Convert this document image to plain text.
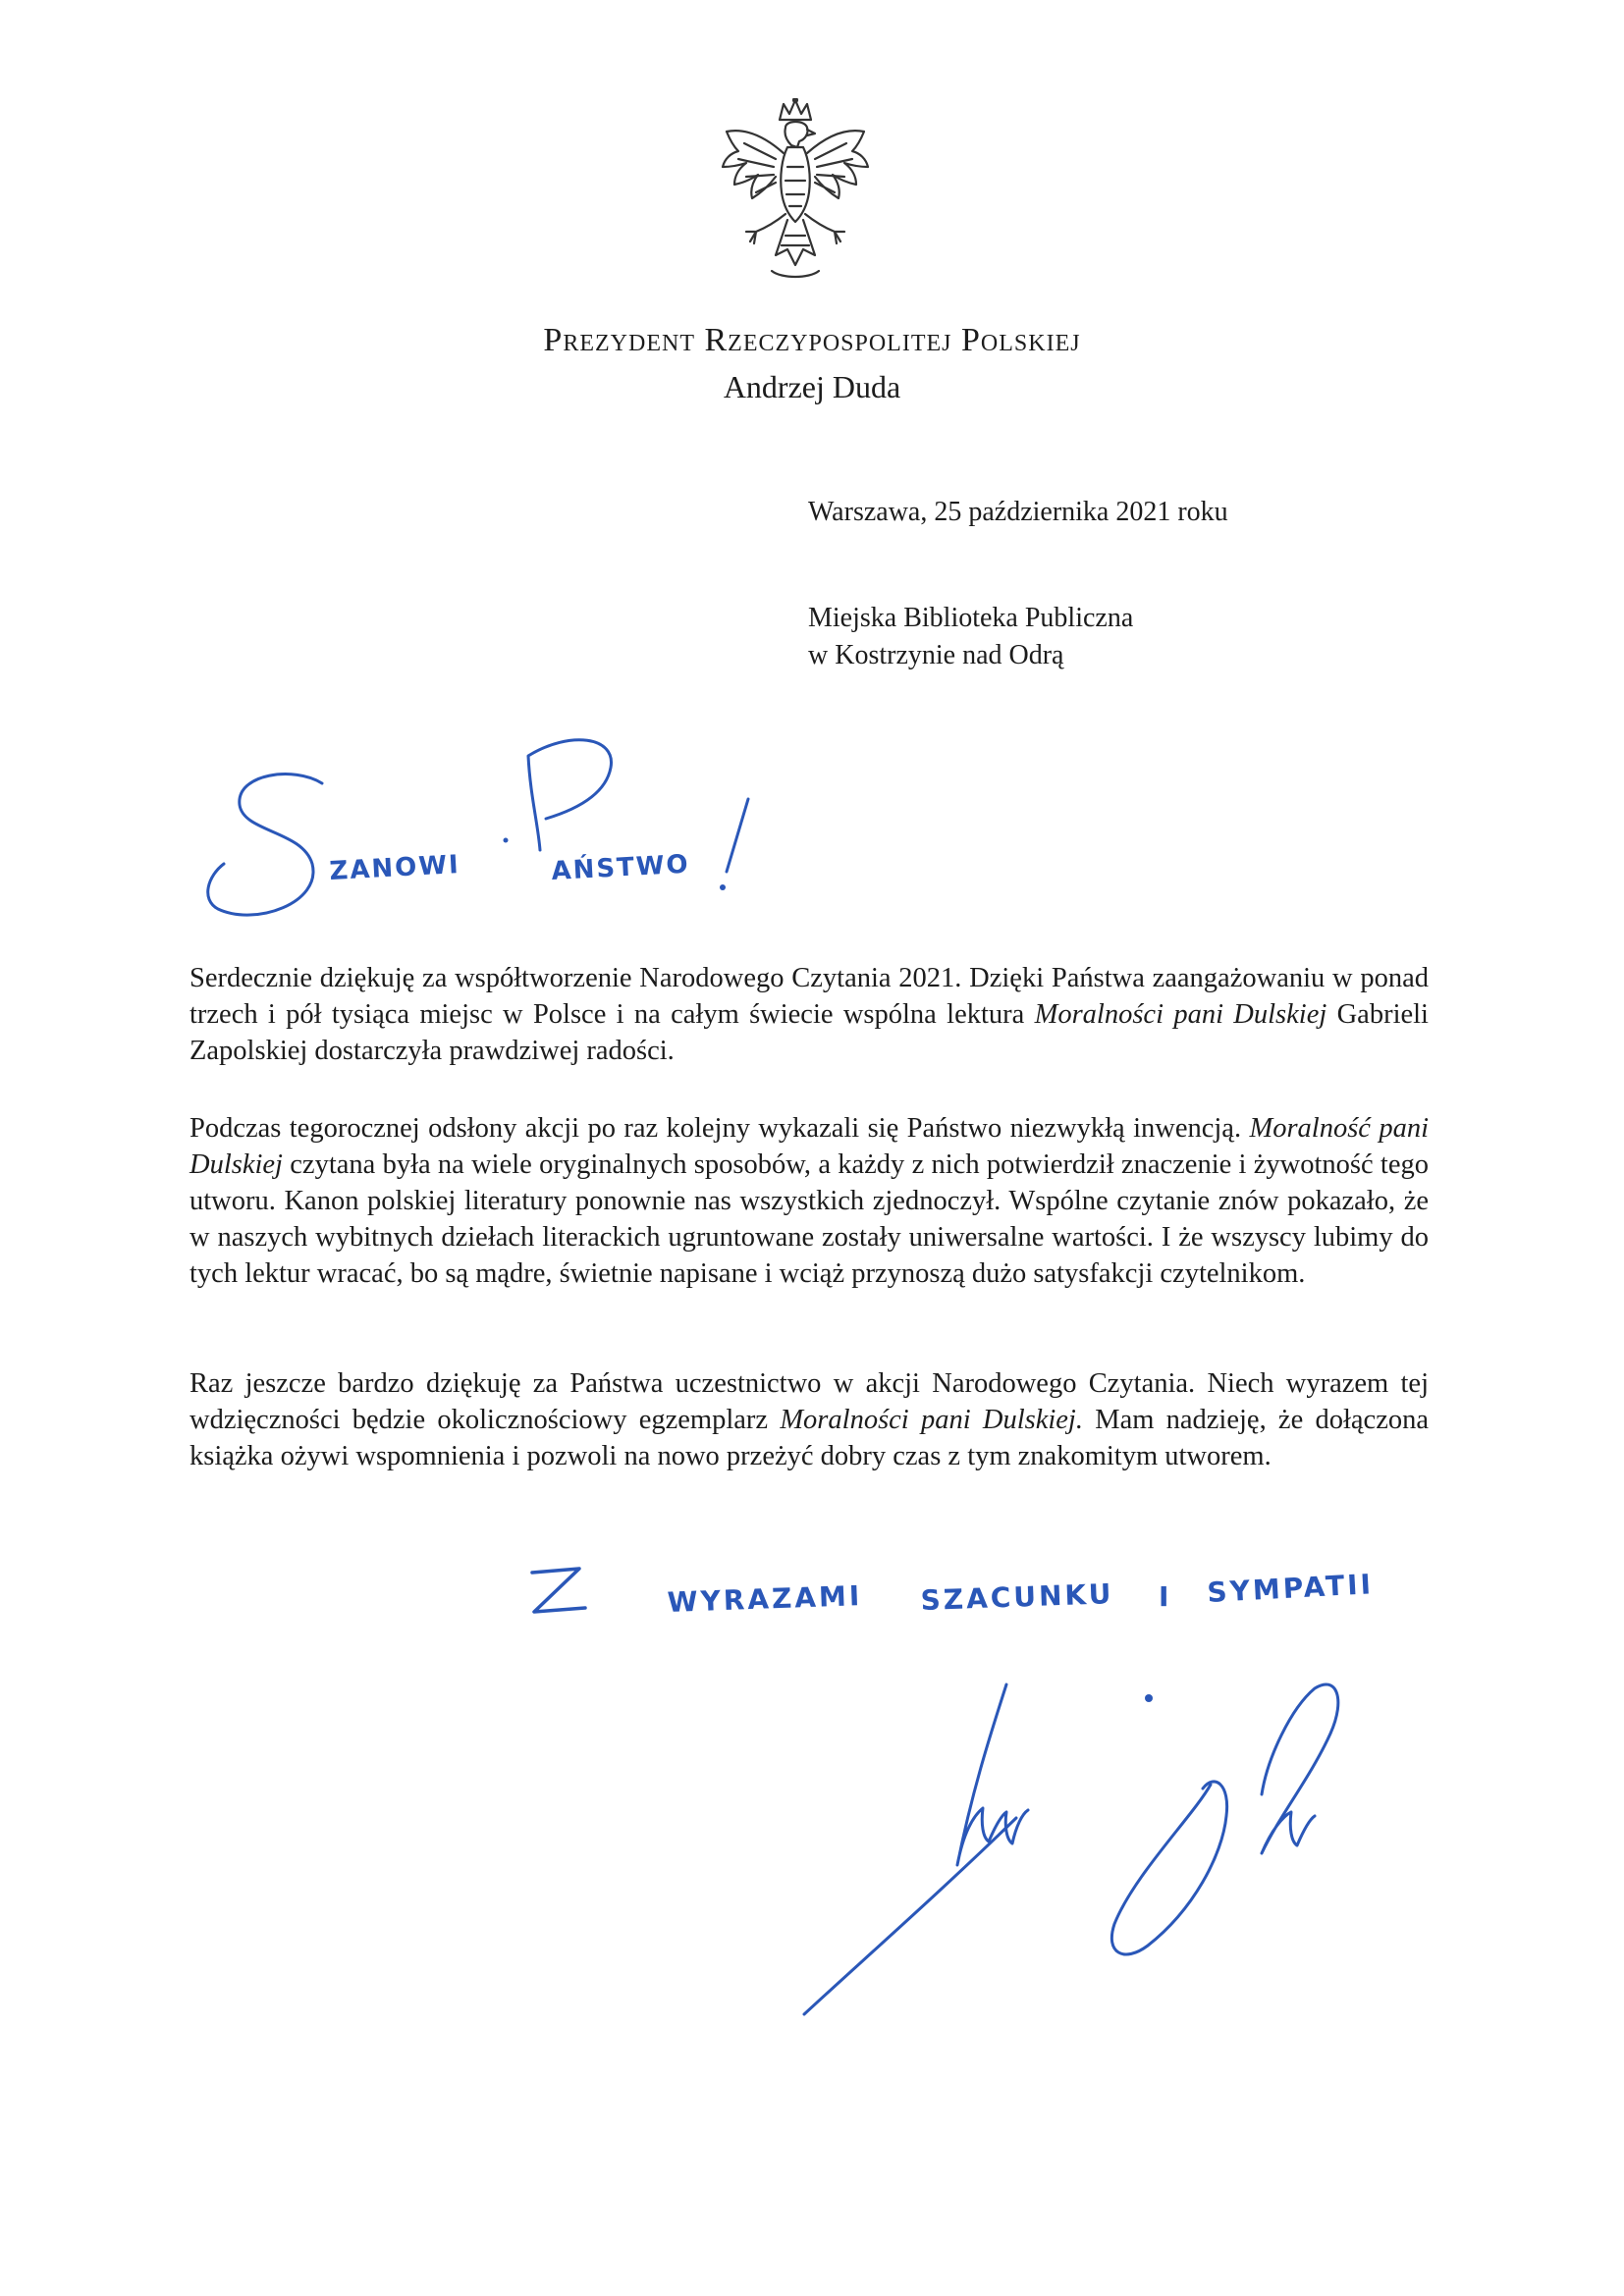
Prezydent Rzeczypospolitej Polskiej
Andrzej Duda
Warszawa, 25 października 2021 roku
Miejska Biblioteka Publiczna
w Kostrzynie nad Odrą
ZANOWI	AŃSTWO
Szanowni Państwo!

Serdecznie dziękuję za współtworzenie Narodowego Czytania 2021. Dzięki Państwa zaangażowaniu w ponad trzech i pół tysiąca miejsc w Polsce i na całym świecie wspólna lektura Moralności pani Dulskiej Gabrieli Zapolskiej dostarczyła prawdziwej radości.

Podczas tegorocznej odsłony akcji po raz kolejny wykazali się Państwo niezwykłą inwencją. Moralność pani Dulskiej czytana była na wiele oryginalnych sposobów, a każdy z nich potwierdził znaczenie i żywotność tego utworu. Kanon polskiej literatury ponownie nas wszystkich zjednoczył. Wspólne czytanie znów pokazało, że w naszych wybitnych dziełach literackich ugruntowane zostały uniwersalne wartości. I że wszyscy lubimy do tych lektur wracać, bo są mądre, świetnie napisane i wciąż przynoszą dużo satysfakcji czytelnikom.

Raz jeszcze bardzo dziękuję za Państwa uczestnictwo w akcji Narodowego Czytania. Niech wyrazem tej wdzięczności będzie okolicznościowy egzemplarz Moralności pani Dulskiej. Mam nadzieję, że dołączona książka ożywi wspomnienia i pozwoli na nowo przeżyć dobry czas z tym znakomitym utworem.

WYRAZAMI SZACUNKU I SYMPATII
Z wyrazami szacunku i sympatii
